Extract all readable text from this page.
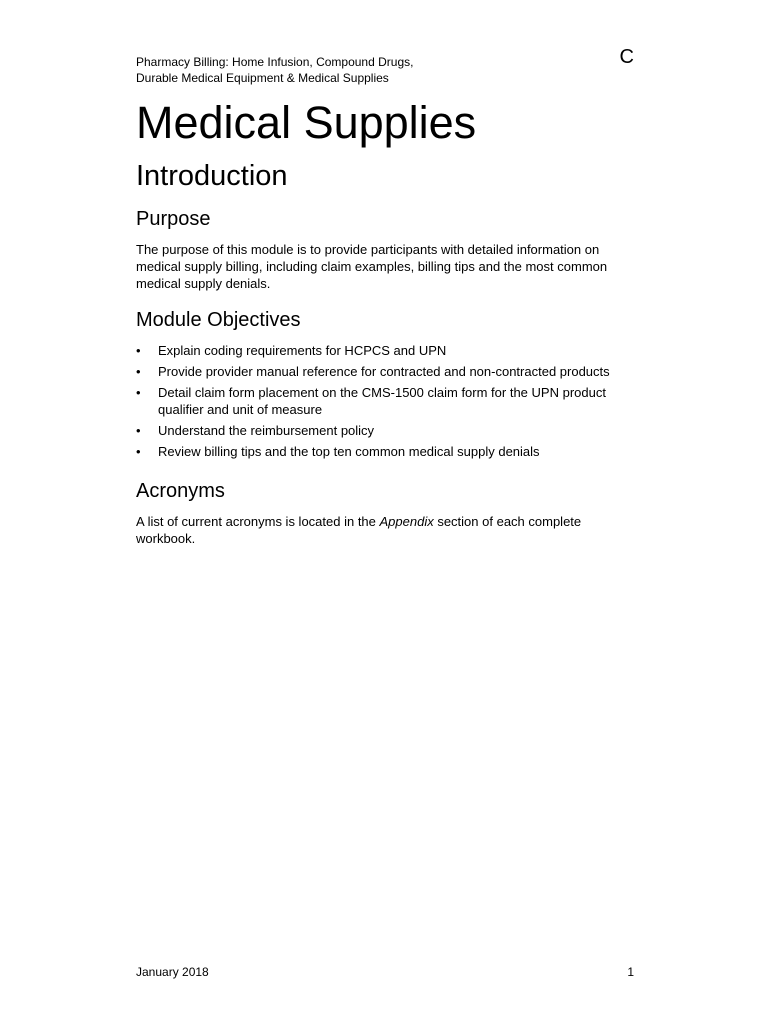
Pharmacy Billing: Home Infusion, Compound Drugs,
Durable Medical Equipment & Medical Supplies
C
Medical Supplies
Introduction
Purpose

The purpose of this module is to provide participants with detailed information on medical supply billing, including claim examples, billing tips and the most common medical supply denials.

Module Objectives
• Explain coding requirements for HCPCS and UPN
• Provide provider manual reference for contracted and non-contracted products
• Detail claim form placement on the CMS-1500 claim form for the UPN product qualifier and unit of measure
• Understand the reimbursement policy
• Review billing tips and the top ten common medical supply denials
Acronyms

A list of current acronyms is located in the Appendix section of each complete workbook.

January 2018	1
